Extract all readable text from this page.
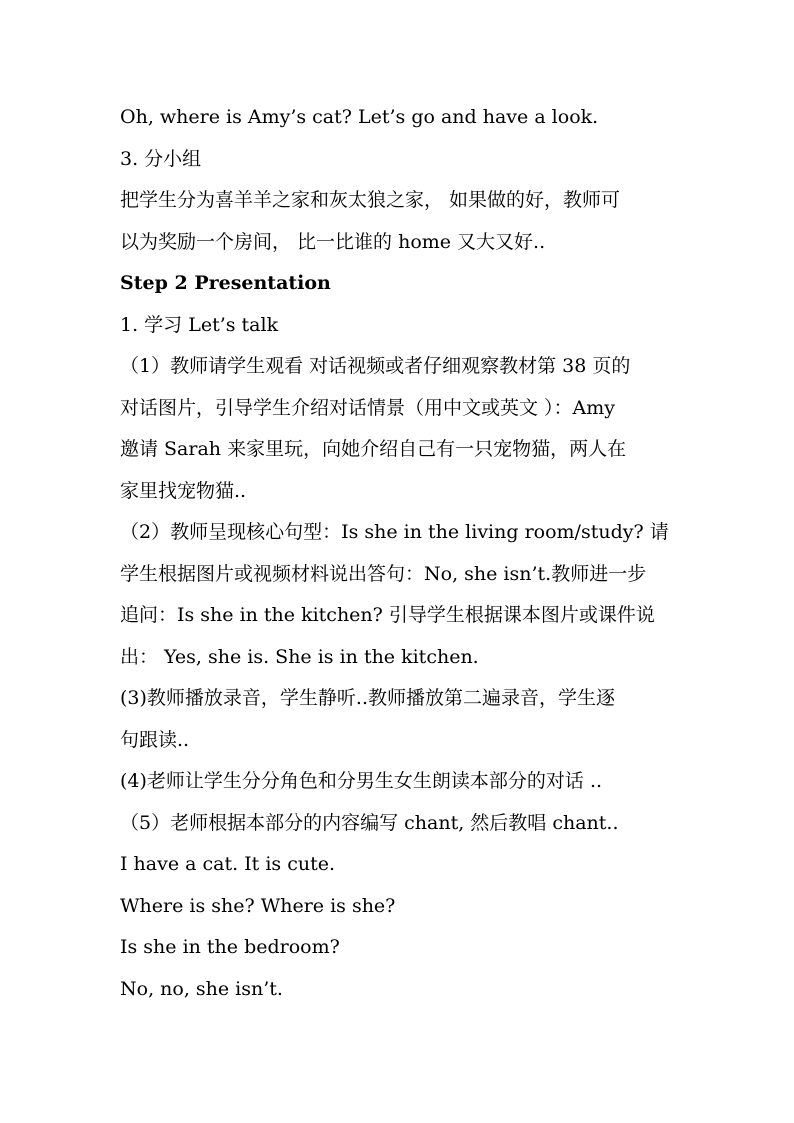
Oh, where is Amy’s cat? Let’s go and have a look.

3. 分小组

把学生分为喜羊羊之家和灰太狼之家， 如果做的好，教师可

以为奖励一个房间， 比一比谁的 home 又大又好..

Step 2 Presentation

1. 学习 Let’s talk

（1）教师请学生观看 对话视频或者仔细观察教材第 38 页的

对话图片，引导学生介绍对话情景（用中文或英文 ）：Amy

邀请 Sarah 来家里玩，向她介绍自己有一只宠物猫，两人在

家里找宠物猫..

（2）教师呈现核心句型：Is she in the living room/study? 请

学生根据图片或视频材料说出答句：No, she isn’t.教师进一步

追问：Is she in the kitchen? 引导学生根据课本图片或课件说

出： Yes, she is. She is in the kitchen.

(3)教师播放录音，学生静听..教师播放第二遍录音，学生逐

句跟读..

(4)老师让学生分分角色和分男生女生朗读本部分的对话 ..

（5）老师根据本部分的内容编写 chant, 然后教唱 chant..

I have a cat. It is cute.

Where is she? Where is she?

Is she in the bedroom?

No, no, she isn’t.
